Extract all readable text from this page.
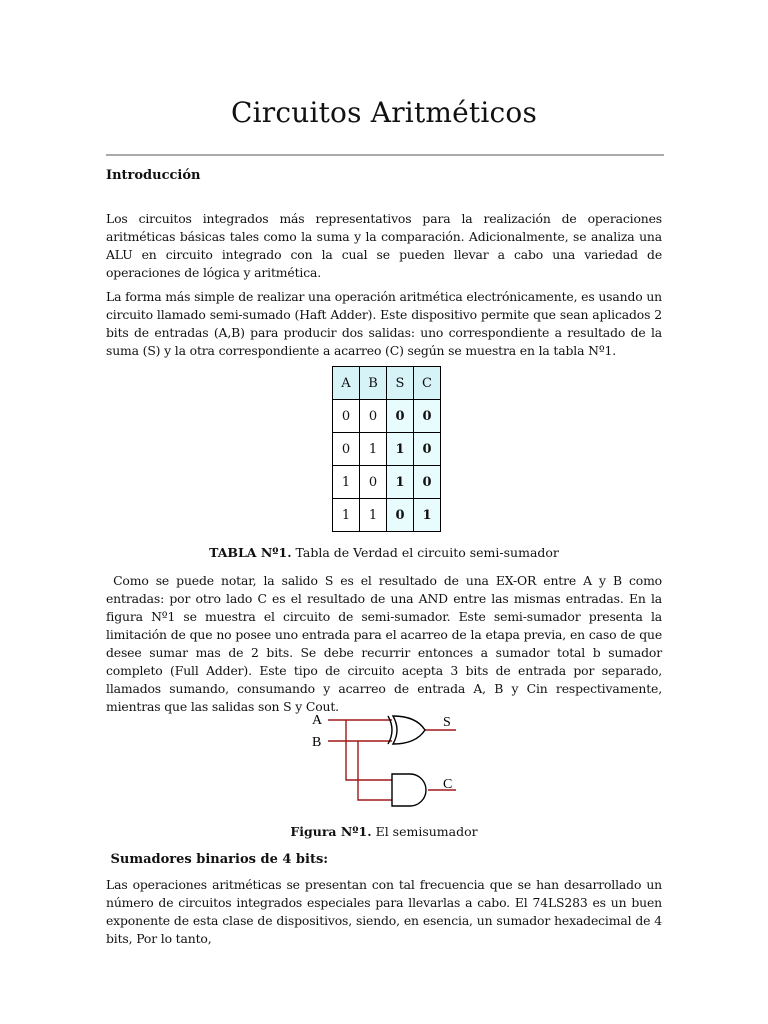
Circuitos Aritméticos
Introducción

Los circuitos integrados más representativos para la realización de operaciones aritméticas básicas tales como la suma y la comparación. Adicionalmente, se analiza una ALU en circuito integrado con la cual se pueden llevar a cabo una variedad de operaciones de lógica y aritmética.

La forma más simple de realizar una operación aritmética electrónicamente, es usando un circuito llamado semi-sumado (Haft Adder). Este dispositivo permite que sean aplicados 2 bits de entradas (A,B) para producir dos salidas: uno correspondiente a resultado de la suma (S) y la otra correspondiente a acarreo (C) según se muestra en la tabla Nº1.

A	B	S	C
0	0	0	0
0	1	1	0
1	0	1	0
1	1	0	1

TABLA Nº1. Tabla de Verdad el circuito semi-sumador

Como se puede notar, la salido S es el resultado de una EX-OR entre A y B como entradas: por otro lado C es el resultado de una AND entre las mismas entradas. En la figura Nº1 se muestra el circuito de semi-sumador. Este semi-sumador presenta la limitación de que no posee uno entrada para el acarreo de la etapa previa, en caso de que desee sumar mas de 2 bits. Se debe recurrir entonces a sumador total b sumador completo (Full Adder). Este tipo de circuito acepta 3 bits de entrada por separado, llamados sumando, consumando y acarreo de entrada A, B y Cin respectivamente, mientras que las salidas son S y Cout.

A
B
S
C

Figura Nº1. El semisumador

Sumadores binarios de 4 bits:

Las operaciones aritméticas se presentan con tal frecuencia que se han desarrollado un número de circuitos integrados especiales para llevarlas a cabo. El 74LS283 es un buen exponente de esta clase de dispositivos, siendo, en esencia, un sumador hexadecimal de 4 bits, Por lo tanto,
